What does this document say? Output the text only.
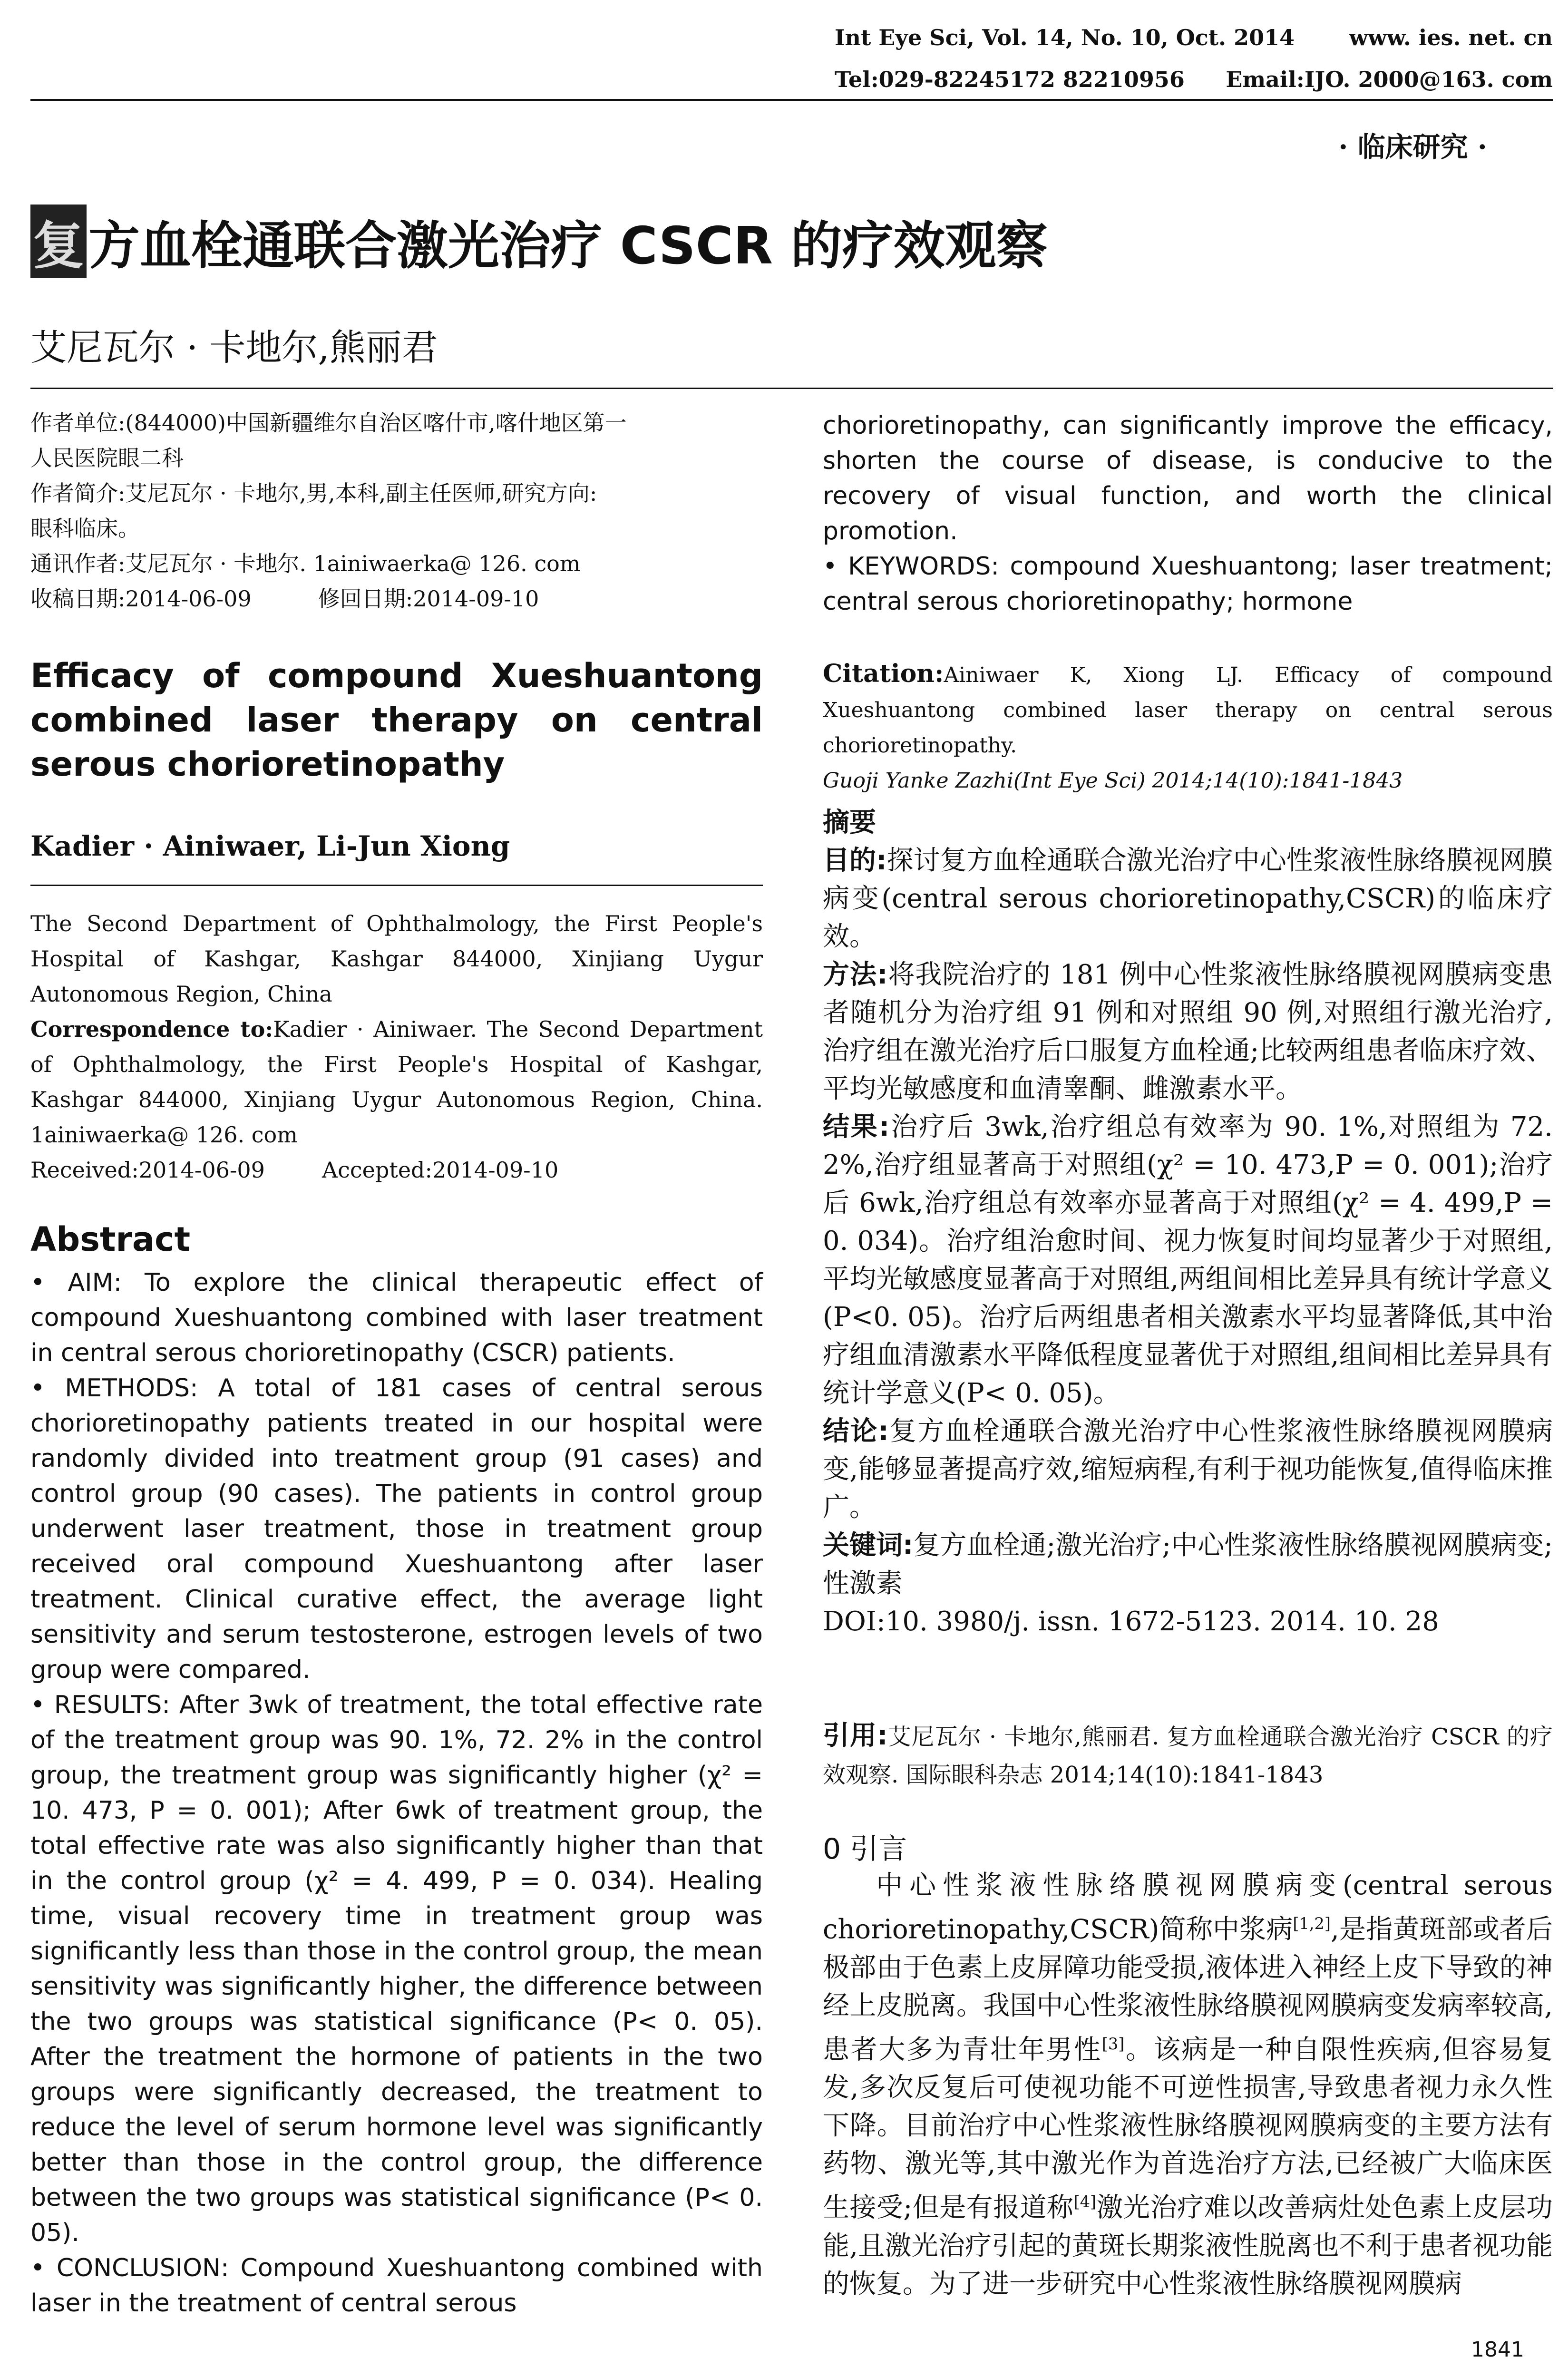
Int Eye Sci, Vol. 14, No. 10, Oct. 2014 www. ies. net. cn
Tel:029-82245172 82210956 Email:IJO. 2000@163. com
· 临床研究 ·
复方血栓通联合激光治疗 CSCR 的疗效观察
艾尼瓦尔 · 卡地尔,熊丽君

作者单位:(844000)中国新疆维尔自治区喀什市,喀什地区第一

人民医院眼二科

作者简介:艾尼瓦尔 · 卡地尔,男,本科,副主任医师,研究方向:

眼科临床。

通讯作者:艾尼瓦尔 · 卡地尔. 1ainiwaerka@ 126. com

收稿日期:2014-06-09	修回日期:2014-09-10

Efficacy of compound Xueshuantong combined laser therapy on central serous chorioretinopathy
Kadier · Ainiwaer, Li-Jun Xiong

The Second Department of Ophthalmology, the First People's Hospital of Kashgar, Kashgar 844000, Xinjiang Uygur Autonomous Region, China

Correspondence to:Kadier · Ainiwaer. The Second Department of Ophthalmology, the First People's Hospital of Kashgar, Kashgar 844000, Xinjiang Uygur Autonomous Region, China. 1ainiwaerka@ 126. com

Received:2014-06-09	Accepted:2014-09-10

Abstract

• AIM: To explore the clinical therapeutic effect of compound Xueshuantong combined with laser treatment in central serous chorioretinopathy (CSCR) patients.

• METHODS: A total of 181 cases of central serous chorioretinopathy patients treated in our hospital were randomly divided into treatment group (91 cases) and control group (90 cases). The patients in control group underwent laser treatment, those in treatment group received oral compound Xueshuantong after laser treatment. Clinical curative effect, the average light sensitivity and serum testosterone, estrogen levels of two group were compared.

• RESULTS: After 3wk of treatment, the total effective rate of the treatment group was 90. 1%, 72. 2% in the control group, the treatment group was significantly higher (χ² = 10. 473, P = 0. 001); After 6wk of treatment group, the total effective rate was also significantly higher than that in the control group (χ² = 4. 499, P = 0. 034). Healing time, visual recovery time in treatment group was significantly less than those in the control group, the mean sensitivity was significantly higher, the difference between the two groups was statistical significance (P< 0. 05). After the treatment the hormone of patients in the two groups were significantly decreased, the treatment to reduce the level of serum hormone level was significantly better than those in the control group, the difference between the two groups was statistical significance (P< 0. 05).

• CONCLUSION: Compound Xueshuantong combined with laser in the treatment of central serous

chorioretinopathy, can significantly improve the efficacy, shorten the course of disease, is conducive to the recovery of visual function, and worth the clinical promotion.

• KEYWORDS: compound Xueshuantong; laser treatment; central serous chorioretinopathy; hormone

Citation:Ainiwaer K, Xiong LJ. Efficacy of compound Xueshuantong combined laser therapy on central serous chorioretinopathy.

Guoji Yanke Zazhi(Int Eye Sci) 2014;14(10):1841-1843

摘要

目的:探讨复方血栓通联合激光治疗中心性浆液性脉络膜视网膜病变(central serous chorioretinopathy,CSCR)的临床疗效。

方法:将我院治疗的 181 例中心性浆液性脉络膜视网膜病变患者随机分为治疗组 91 例和对照组 90 例,对照组行激光治疗,治疗组在激光治疗后口服复方血栓通;比较两组患者临床疗效、平均光敏感度和血清睾酮、雌激素水平。

结果:治疗后 3wk,治疗组总有效率为 90. 1%,对照组为 72. 2%,治疗组显著高于对照组(χ² = 10. 473,P = 0. 001);治疗后 6wk,治疗组总有效率亦显著高于对照组(χ² = 4. 499,P = 0. 034)。治疗组治愈时间、视力恢复时间均显著少于对照组,平均光敏感度显著高于对照组,两组间相比差异具有统计学意义(P<0. 05)。治疗后两组患者相关激素水平均显著降低,其中治疗组血清激素水平降低程度显著优于对照组,组间相比差异具有统计学意义(P< 0. 05)。

结论:复方血栓通联合激光治疗中心性浆液性脉络膜视网膜病变,能够显著提高疗效,缩短病程,有利于视功能恢复,值得临床推广。

关键词:复方血栓通;激光治疗;中心性浆液性脉络膜视网膜病变;性激素

DOI:10. 3980/j. issn. 1672-5123. 2014. 10. 28

引用:艾尼瓦尔 · 卡地尔,熊丽君. 复方血栓通联合激光治疗 CSCR 的疗效观察. 国际眼科杂志 2014;14(10):1841-1843

0 引言

中心性浆液性脉络膜视网膜病变(central serous chorioretinopathy,CSCR)简称中浆病[1,2],是指黄斑部或者后极部由于色素上皮屏障功能受损,液体进入神经上皮下导致的神经上皮脱离。我国中心性浆液性脉络膜视网膜病变发病率较高,患者大多为青壮年男性[3]。该病是一种自限性疾病,但容易复发,多次反复后可使视功能不可逆性损害,导致患者视力永久性下降。目前治疗中心性浆液性脉络膜视网膜病变的主要方法有药物、激光等,其中激光作为首选治疗方法,已经被广大临床医生接受;但是有报道称[4]激光治疗难以改善病灶处色素上皮层功能,且激光治疗引起的黄斑长期浆液性脱离也不利于患者视功能的恢复。为了进一步研究中心性浆液性脉络膜视网膜病

1841
